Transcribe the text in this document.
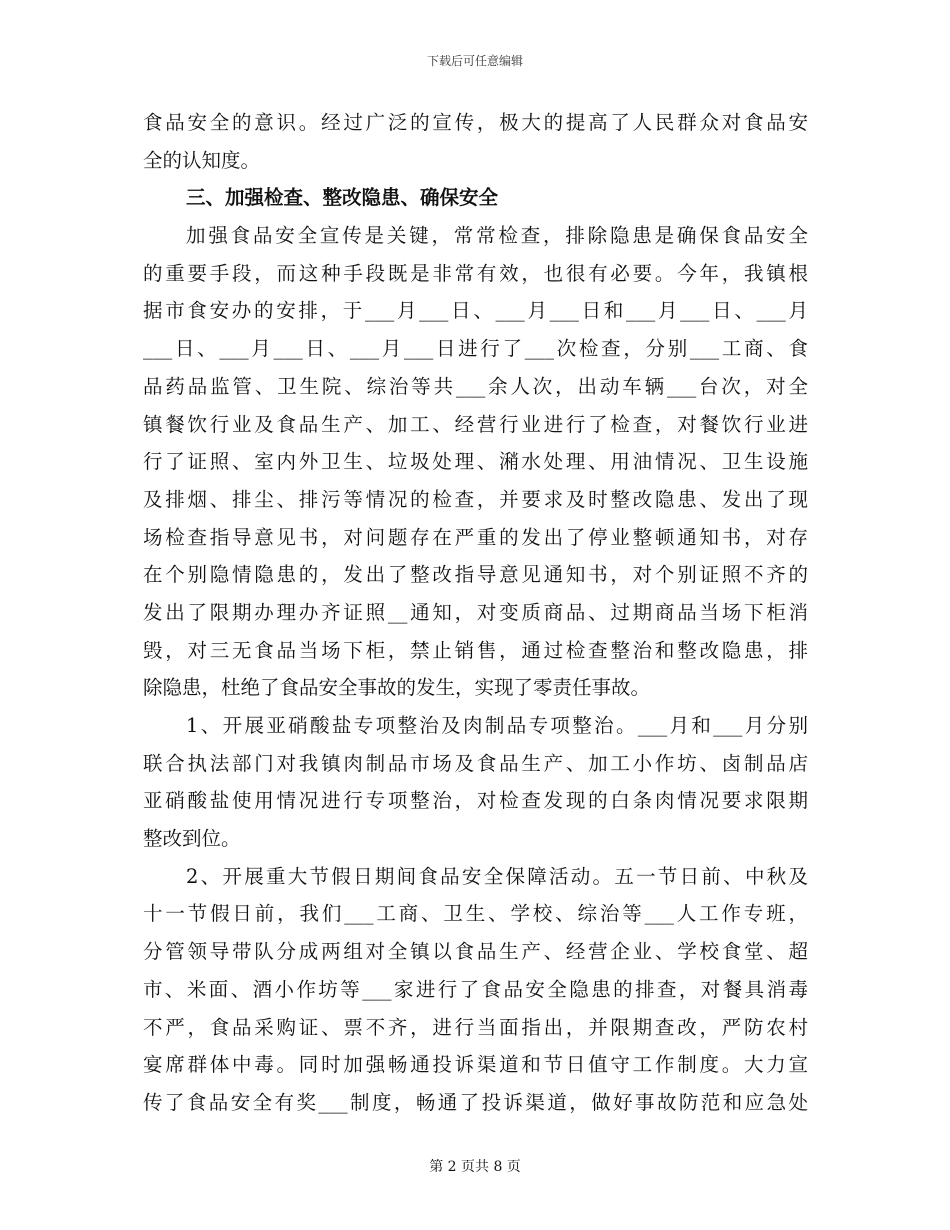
下载后可任意编辑
食品安全的意识。经过广泛的宣传，极大的提高了人民群众对食品安
全的认知度。
三、加强检查、整改隐患、确保安全
加强食品安全宣传是关键，常常检查，排除隐患是确保食品安全
的重要手段，而这种手段既是非常有效，也很有必要。今年，我镇根
据市食安办的安排，于___月___日、___月___日和___月___日、___月
___日、___月___日、___月___日进行了___次检查，分别___工商、食
品药品监管、卫生院、综治等共___余人次，出动车辆___台次，对全
镇餐饮行业及食品生产、加工、经营行业进行了检查，对餐饮行业进
行了证照、室内外卫生、垃圾处理、潲水处理、用油情况、卫生设施
及排烟、排尘、排污等情况的检查，并要求及时整改隐患、发出了现
场检查指导意见书，对问题存在严重的发出了停业整顿通知书，对存
在个别隐情隐患的，发出了整改指导意见通知书，对个别证照不齐的
发出了限期办理办齐证照__通知，对变质商品、过期商品当场下柜消
毁，对三无食品当场下柜，禁止销售，通过检查整治和整改隐患，排
除隐患，杜绝了食品安全事故的发生，实现了零责任事故。
1、开展亚硝酸盐专项整治及肉制品专项整治。___月和___月分别
联合执法部门对我镇肉制品市场及食品生产、加工小作坊、卤制品店
亚硝酸盐使用情况进行专项整治，对检查发现的白条肉情况要求限期
整改到位。
2、开展重大节假日期间食品安全保障活动。五一节日前、中秋及
十一节假日前，我们___工商、卫生、学校、综治等___人工作专班，
分管领导带队分成两组对全镇以食品生产、经营企业、学校食堂、超
市、米面、酒小作坊等___家进行了食品安全隐患的排查，对餐具消毒
不严，食品采购证、票不齐，进行当面指出，并限期查改，严防农村
宴席群体中毒。同时加强畅通投诉渠道和节日值守工作制度。大力宣
传了食品安全有奖___制度，畅通了投诉渠道，做好事故防范和应急处
第 2 页共 8 页
